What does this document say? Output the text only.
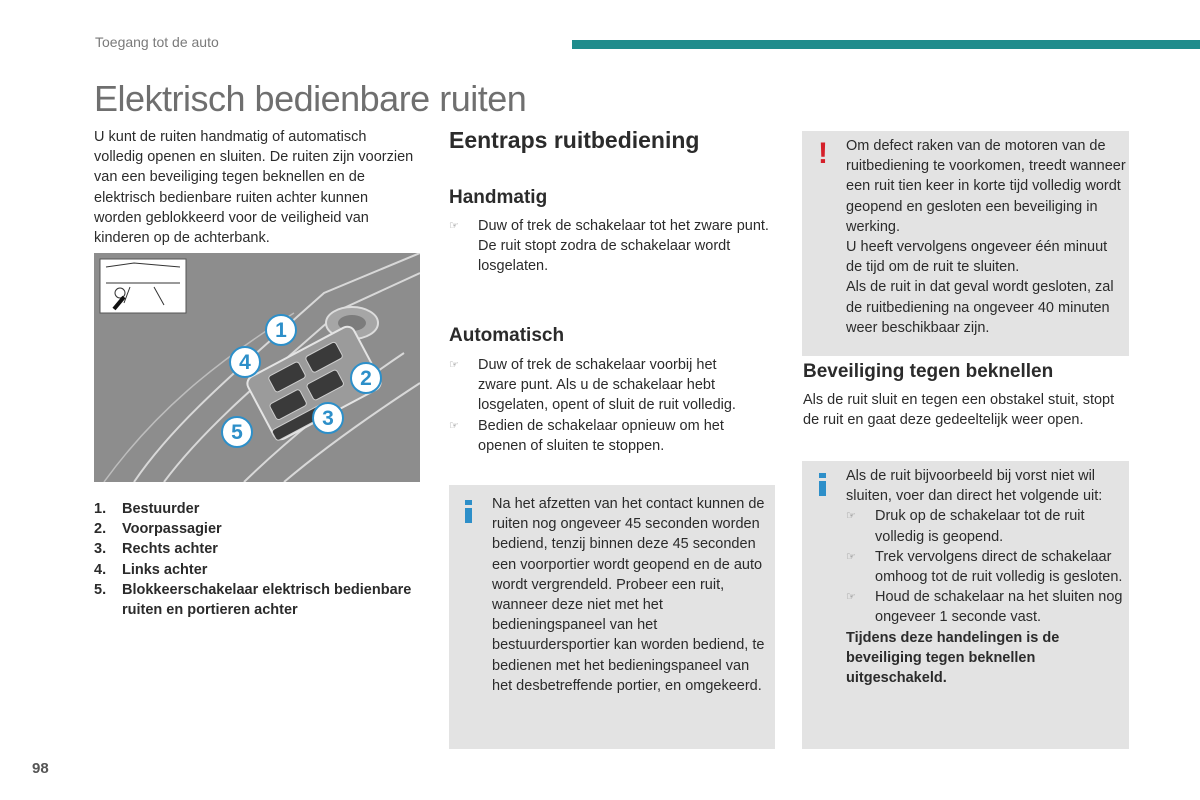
Toegang tot de auto
Elektrisch bedienbare ruiten
U kunt de ruiten handmatig of automatisch volledig openen en sluiten. De ruiten zijn voorzien van een beveiliging tegen beknellen en de elektrisch bedienbare ruiten achter kunnen worden geblokkeerd voor de veiligheid van kinderen op de achterbank.
1
2
3
4
5
1.	Bestuurder
2.	Voorpassagier
3.	Rechts achter
4.	Links achter
5.	Blokkeerschakelaar elektrisch bedienbare ruiten en portieren achter
Eentraps ruitbediening
Handmatig
☞ Duw of trek de schakelaar tot het zware punt. De ruit stopt zodra de schakelaar wordt losgelaten.
Automatisch
☞ Duw of trek de schakelaar voorbij het zware punt. Als u de schakelaar hebt losgelaten, opent of sluit de ruit volledig.
☞ Bedien de schakelaar opnieuw om het openen of sluiten te stoppen.
Na het afzetten van het contact kunnen de ruiten nog ongeveer 45 seconden worden bediend, tenzij binnen deze 45 seconden een voorportier wordt geopend en de auto wordt vergrendeld. Probeer een ruit, wanneer deze niet met het bedieningspaneel van het bestuurdersportier kan worden bediend, te bedienen met het bedieningspaneel van het desbetreffende portier, en omgekeerd.
! Om defect raken van de motoren van de ruitbediening te voorkomen, treedt wanneer een ruit tien keer in korte tijd volledig wordt geopend en gesloten een beveiliging in werking.
U heeft vervolgens ongeveer één minuut de tijd om de ruit te sluiten.
Als de ruit in dat geval wordt gesloten, zal de ruitbediening na ongeveer 40 minuten weer beschikbaar zijn.
Beveiliging tegen beknellen
Als de ruit sluit en tegen een obstakel stuit, stopt de ruit en gaat deze gedeeltelijk weer open.
Als de ruit bijvoorbeeld bij vorst niet wil sluiten, voer dan direct het volgende uit:
☞ Druk op de schakelaar tot de ruit volledig is geopend.
☞ Trek vervolgens direct de schakelaar omhoog tot de ruit volledig is gesloten.
☞ Houd de schakelaar na het sluiten nog ongeveer 1 seconde vast.
Tijdens deze handelingen is de beveiliging tegen beknellen uitgeschakeld.
98
